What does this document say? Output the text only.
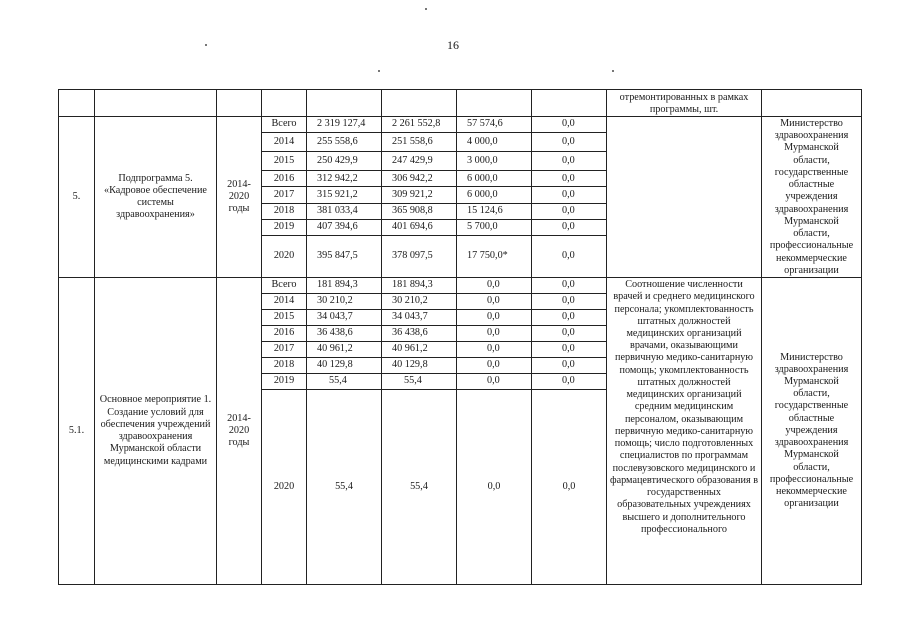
16
								отремонтированных в рамках программы, шт.	
5.	Подпрограмма 5. «Кадровое обеспечение системы здравоохранения»	2014-2020 годы	Всего	2 319 127,4	2 261 552,8	57 574,6	0,0		Министерство здравоохранения Мурманской области, государственные областные учреждения здравоохранения Мурманской области, профессиональные некоммерческие организации
			2014	255 558,6	251 558,6	4 000,0	0,0		
			2015	250 429,9	247 429,9	3 000,0	0,0		
			2016	312 942,2	306 942,2	6 000,0	0,0		
			2017	315 921,2	309 921,2	6 000,0	0,0		
			2018	381 033,4	365 908,8	15 124,6	0,0		
			2019	407 394,6	401 694,6	5 700,0	0,0		
			2020	395 847,5	378 097,5	17 750,0*	0,0		
5.1.	Основное мероприятие 1. Создание условий для обеспечения учреждений здравоохранения Мурманской области медицинскими кадрами	2014-2020 годы	Всего	181 894,3	181 894,3	0,0	0,0	Соотношение численности врачей и среднего медицинского персонала; укомплектованность штатных должностей медицинских организаций врачами, оказывающими первичную медико-санитарную помощь; укомплектованность штатных должностей медицинских организаций средним медицинским персоналом, оказывающим первичную медико-санитарную помощь; число подготовленных специалистов по программам послевузовского медицинского и фармацевтического образования в государственных образовательных учреждениях высшего и дополнительного профессионального	Министерство здравоохранения Мурманской области, государственные областные учреждения здравоохранения Мурманской области, профессиональные некоммерческие организации
			2014	30 210,2	30 210,2	0,0	0,0		
			2015	34 043,7	34 043,7	0,0	0,0		
			2016	36 438,6	36 438,6	0,0	0,0		
			2017	40 961,2	40 961,2	0,0	0,0		
			2018	40 129,8	40 129,8	0,0	0,0		
			2019	55,4	55,4	0,0	0,0		
			2020	55,4	55,4	0,0	0,0		
